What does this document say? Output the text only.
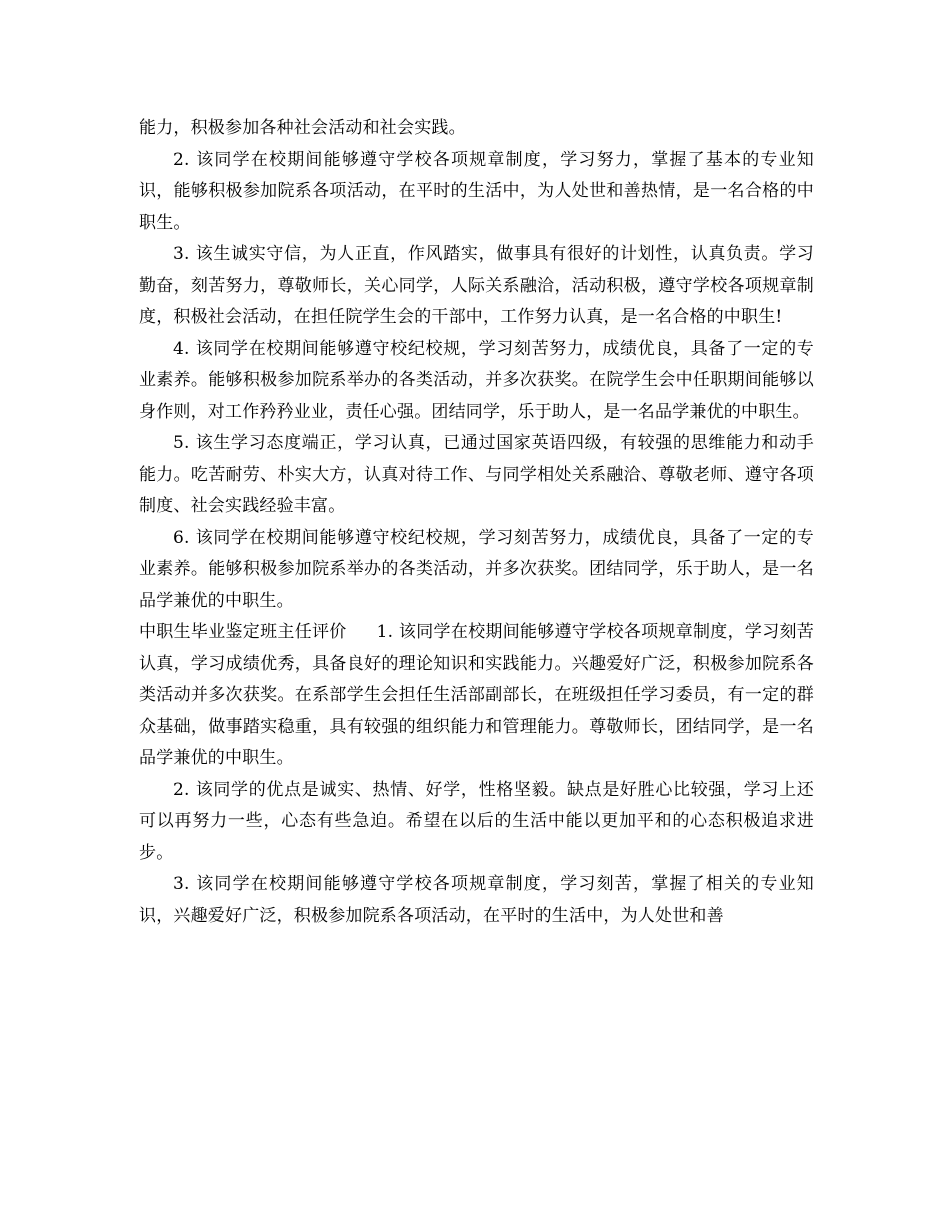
能力，积极参加各种社会活动和社会实践。

2. 该同学在校期间能够遵守学校各项规章制度，学习努力，掌握了基本的专业知识，能够积极参加院系各项活动，在平时的生活中，为人处世和善热情，是一名合格的中职生。

3. 该生诚实守信，为人正直，作风踏实，做事具有很好的计划性，认真负责。学习勤奋，刻苦努力，尊敬师长，关心同学，人际关系融洽，活动积极，遵守学校各项规章制度，积极社会活动，在担任院学生会的干部中，工作努力认真，是一名合格的中职生!

4. 该同学在校期间能够遵守校纪校规，学习刻苦努力，成绩优良，具备了一定的专业素养。能够积极参加院系举办的各类活动，并多次获奖。在院学生会中任职期间能够以身作则，对工作矜矜业业，责任心强。团结同学，乐于助人，是一名品学兼优的中职生。

5. 该生学习态度端正，学习认真，已通过国家英语四级，有较强的思维能力和动手能力。吃苦耐劳、朴实大方，认真对待工作、与同学相处关系融洽、尊敬老师、遵守各项制度、社会实践经验丰富。

6. 该同学在校期间能够遵守校纪校规，学习刻苦努力，成绩优良，具备了一定的专业素养。能够积极参加院系举办的各类活动，并多次获奖。团结同学，乐于助人，是一名品学兼优的中职生。

中职生毕业鉴定班主任评价 1. 该同学在校期间能够遵守学校各项规章制度，学习刻苦认真，学习成绩优秀，具备良好的理论知识和实践能力。兴趣爱好广泛，积极参加院系各类活动并多次获奖。在系部学生会担任生活部副部长，在班级担任学习委员，有一定的群众基础，做事踏实稳重，具有较强的组织能力和管理能力。尊敬师长，团结同学，是一名品学兼优的中职生。

2. 该同学的优点是诚实、热情、好学，性格坚毅。缺点是好胜心比较强，学习上还可以再努力一些，心态有些急迫。希望在以后的生活中能以更加平和的心态积极追求进步。

3. 该同学在校期间能够遵守学校各项规章制度，学习刻苦，掌握了相关的专业知识，兴趣爱好广泛，积极参加院系各项活动，在平时的生活中，为人处世和善
